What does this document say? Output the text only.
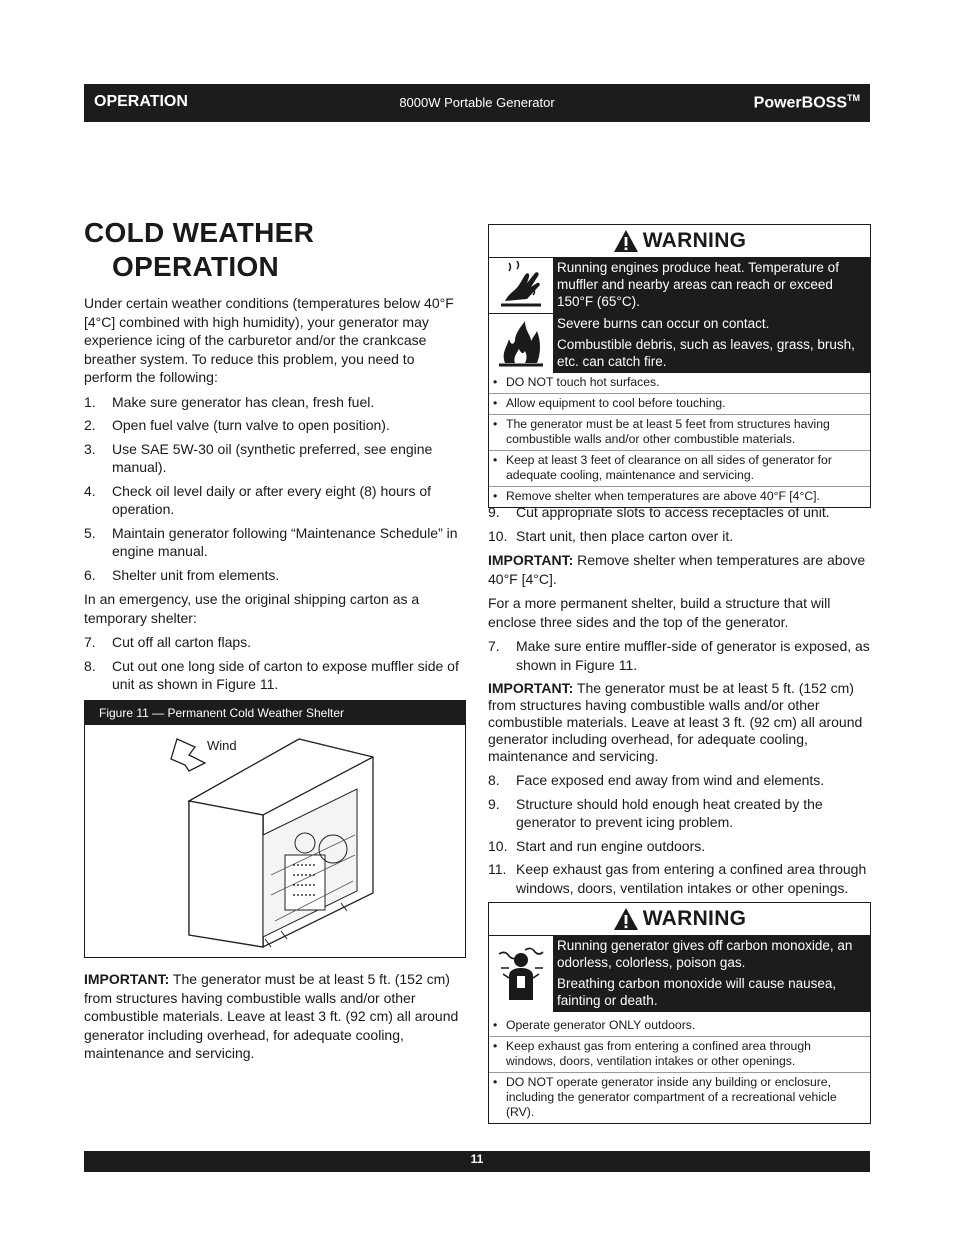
OPERATION	8000W Portable Generator	PowerBOSS™
COLD WEATHER
OPERATION

Under certain weather conditions (temperatures below 40°F [4°C] combined with high humidity), your generator may experience icing of the carburetor and/or the crankcase breather system. To reduce this problem, you need to perform the following:

1. Make sure generator has clean, fresh fuel.
2. Open fuel valve (turn valve to open position).
3. Use SAE 5W-30 oil (synthetic preferred, see engine manual).
4. Check oil level daily or after every eight (8) hours of operation.
5. Maintain generator following “Maintenance Schedule” in engine manual.
6. Shelter unit from elements.

In an emergency, use the original shipping carton as a temporary shelter:

7. Cut off all carton flaps.
8. Cut out one long side of carton to expose muffler side of unit as shown in Figure 11.
Figure 11 — Permanent Cold Weather Shelter
Wind

IMPORTANT: The generator must be at least 5 ft. (152 cm) from structures having combustible walls and/or other combustible materials. Leave at least 3 ft. (92 cm) all around generator including overhead, for adequate cooling, maintenance and servicing.

WARNING

Running engines produce heat. Temperature of muffler and nearby areas can reach or exceed 150°F (65°C).

Severe burns can occur on contact.

Combustible debris, such as leaves, grass, brush, etc. can catch fire.

• DO NOT touch hot surfaces.
• Allow equipment to cool before touching.
• The generator must be at least 5 feet from structures having combustible walls and/or other combustible materials.
• Keep at least 3 feet of clearance on all sides of generator for adequate cooling, maintenance and servicing.
• Remove shelter when temperatures are above 40°F [4°C].
9. Cut appropriate slots to access receptacles of unit.
10. Start unit, then place carton over it.

IMPORTANT: Remove shelter when temperatures are above 40°F [4°C].

For a more permanent shelter, build a structure that will enclose three sides and the top of the generator.

7. Make sure entire muffler-side of generator is exposed, as shown in Figure 11.

IMPORTANT: The generator must be at least 5 ft. (152 cm) from structures having combustible walls and/or other combustible materials. Leave at least 3 ft. (92 cm) all around generator including overhead, for adequate cooling, maintenance and servicing.

8. Face exposed end away from wind and elements.
9. Structure should hold enough heat created by the generator to prevent icing problem.
10. Start and run engine outdoors.
11. Keep exhaust gas from entering a confined area through windows, doors, ventilation intakes or other openings.
WARNING

Running generator gives off carbon monoxide, an odorless, colorless, poison gas.

Breathing carbon monoxide will cause nausea, fainting or death.

• Operate generator ONLY outdoors.
• Keep exhaust gas from entering a confined area through windows, doors, ventilation intakes or other openings.
• DO NOT operate generator inside any building or enclosure, including the generator compartment of a recreational vehicle (RV).
11
